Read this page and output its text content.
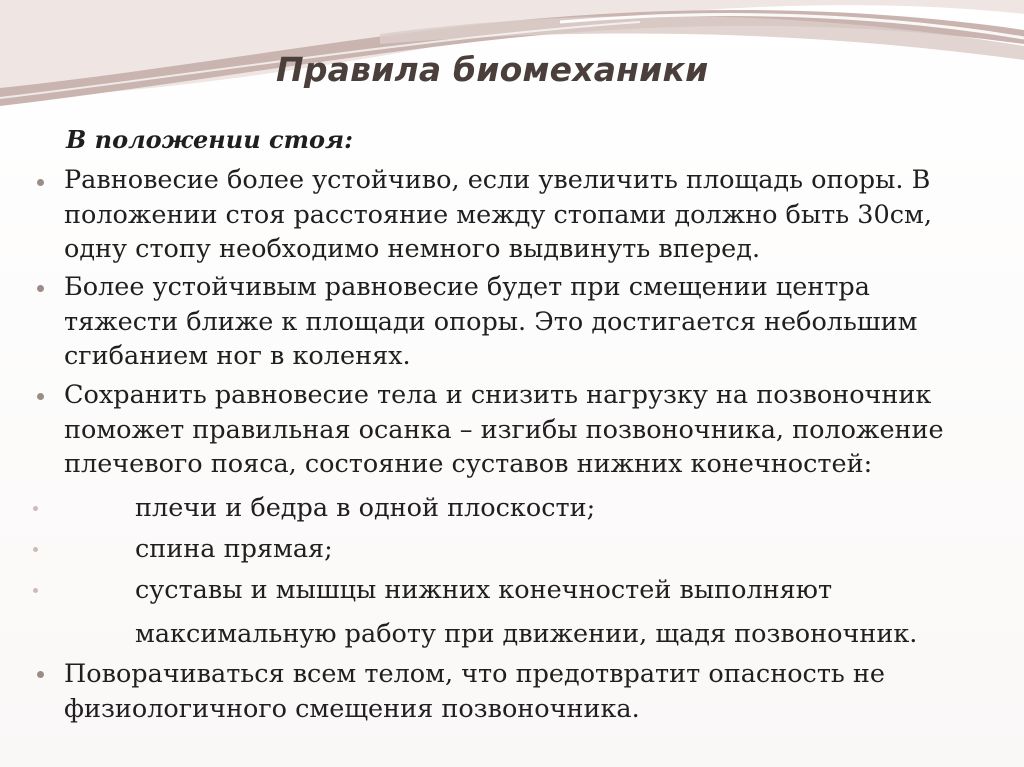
Правила биомеханики
В положении стоя:
Равновесие более устойчиво, если увеличить площадь опоры. В
положении стоя расстояние между стопами должно быть 30см,
одну стопу необходимо немного выдвинуть вперед.
Более устойчивым равновесие будет при смещении центра
тяжести ближе к площади опоры. Это достигается небольшим
сгибанием ног в коленях.
Сохранить равновесие тела и снизить нагрузку на позвоночник
поможет правильная осанка – изгибы позвоночника, положение
плечевого пояса, состояние суставов нижних конечностей:
плечи и бедра в одной плоскости;
спина прямая;
суставы и мышцы нижних конечностей выполняют
максимальную работу при движении, щадя позвоночник.
Поворачиваться всем телом, что предотвратит опасность не
физиологичного смещения позвоночника.
